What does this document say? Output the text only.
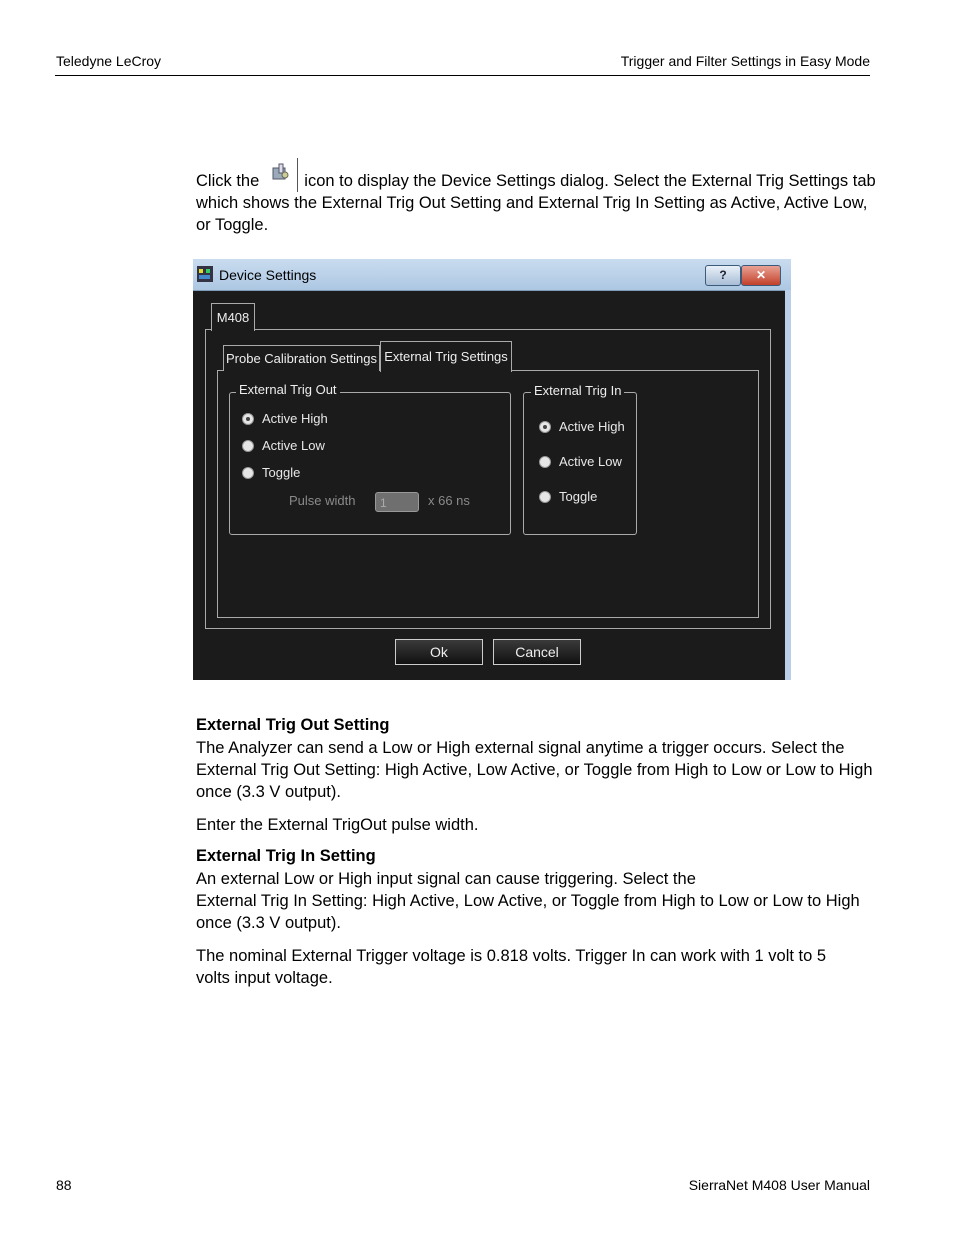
Teledyne LeCroy	Trigger and Filter Settings in Easy Mode
Click the	icon to display the Device Settings dialog. Select the External Trig Settings tab which shows the External Trig Out Setting and External Trig In Setting as Active, Active Low, or Toggle.
Device Settings	?	✕
M408
Probe Calibration Settings External Trig Settings
External Trig Out
Active High
Active Low
Toggle
Pulse width	1	x 66 ns
External Trig In
Active High
Active Low
Toggle
Ok	Cancel
External Trig Out Setting
The Analyzer can send a Low or High external signal anytime a trigger occurs. Select the External Trig Out Setting: High Active, Low Active, or Toggle from High to Low or Low to High once (3.3 V output).
Enter the External TrigOut pulse width.
External Trig In Setting
An external Low or High input signal can cause triggering. Select the
External Trig In Setting: High Active, Low Active, or Toggle from High to Low or Low to High once (3.3 V output).
The nominal External Trigger voltage is 0.818 volts. Trigger In can work with 1 volt to 5 volts input voltage.
88	SierraNet M408 User Manual
